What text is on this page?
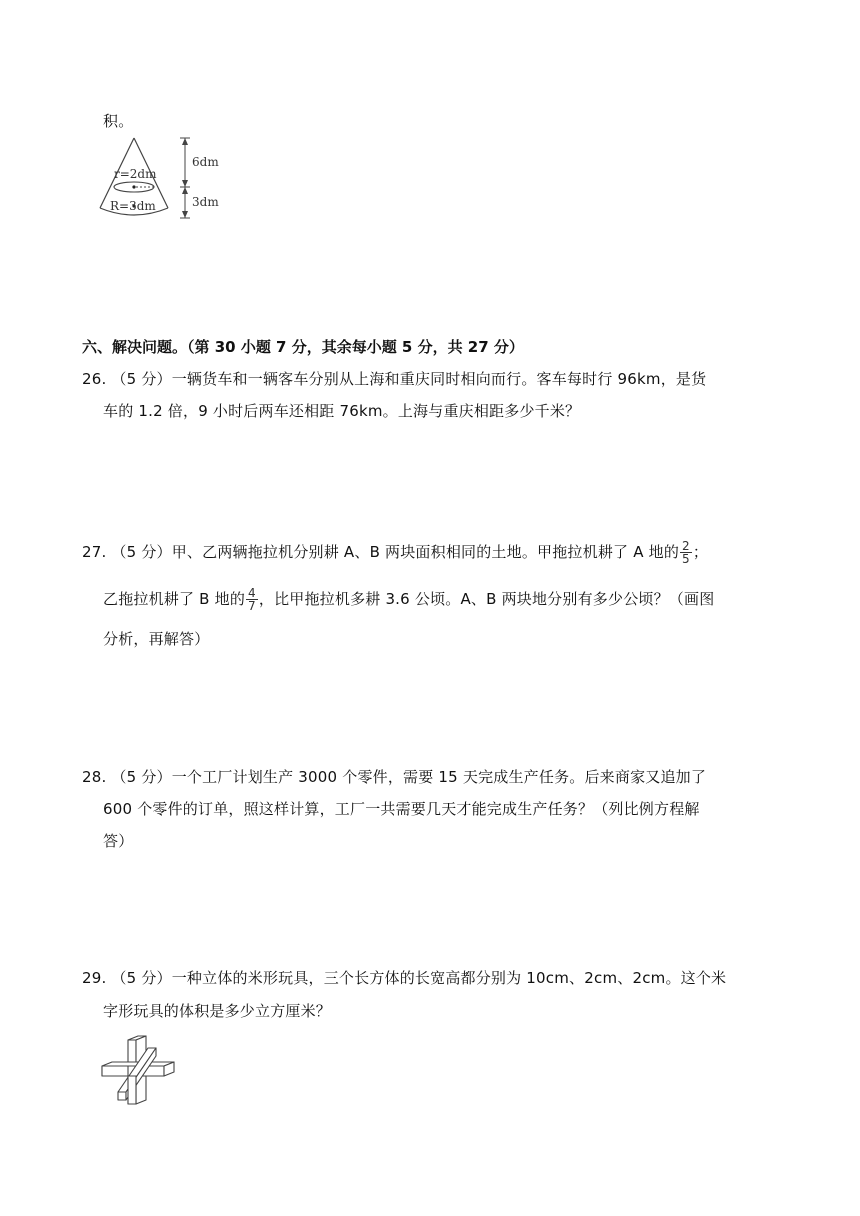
积。
r=2dm
R=3dm
6dm
3dm
六、解决问题。（第 30 小题 7 分，其余每小题 5 分，共 27 分）
26. （5 分）一辆货车和一辆客车分别从上海和重庆同时相向而行。客车每时行 96km，是货
车的 1.2 倍，9 小时后两车还相距 76km。上海与重庆相距多少千米？
27. （5 分）甲、乙两辆拖拉机分别耕 A、B 两块面积相同的土地。甲拖拉机耕了 A 地的 $\frac{2}{5}$ ；
乙拖拉机耕了 B 地的 $\frac{4}{7}$ ，比甲拖拉机多耕 3.6 公顷。A、B 两块地分别有多少公顷？（画图
分析，再解答）
28. （5 分）一个工厂计划生产 3000 个零件，需要 15 天完成生产任务。后来商家又追加了
600 个零件的订单，照这样计算，工厂一共需要几天才能完成生产任务？（列比例方程解
答）
29. （5 分）一种立体的米形玩具，三个长方体的长宽高都分别为 10cm、2cm、2cm。这个米
字形玩具的体积是多少立方厘米？
